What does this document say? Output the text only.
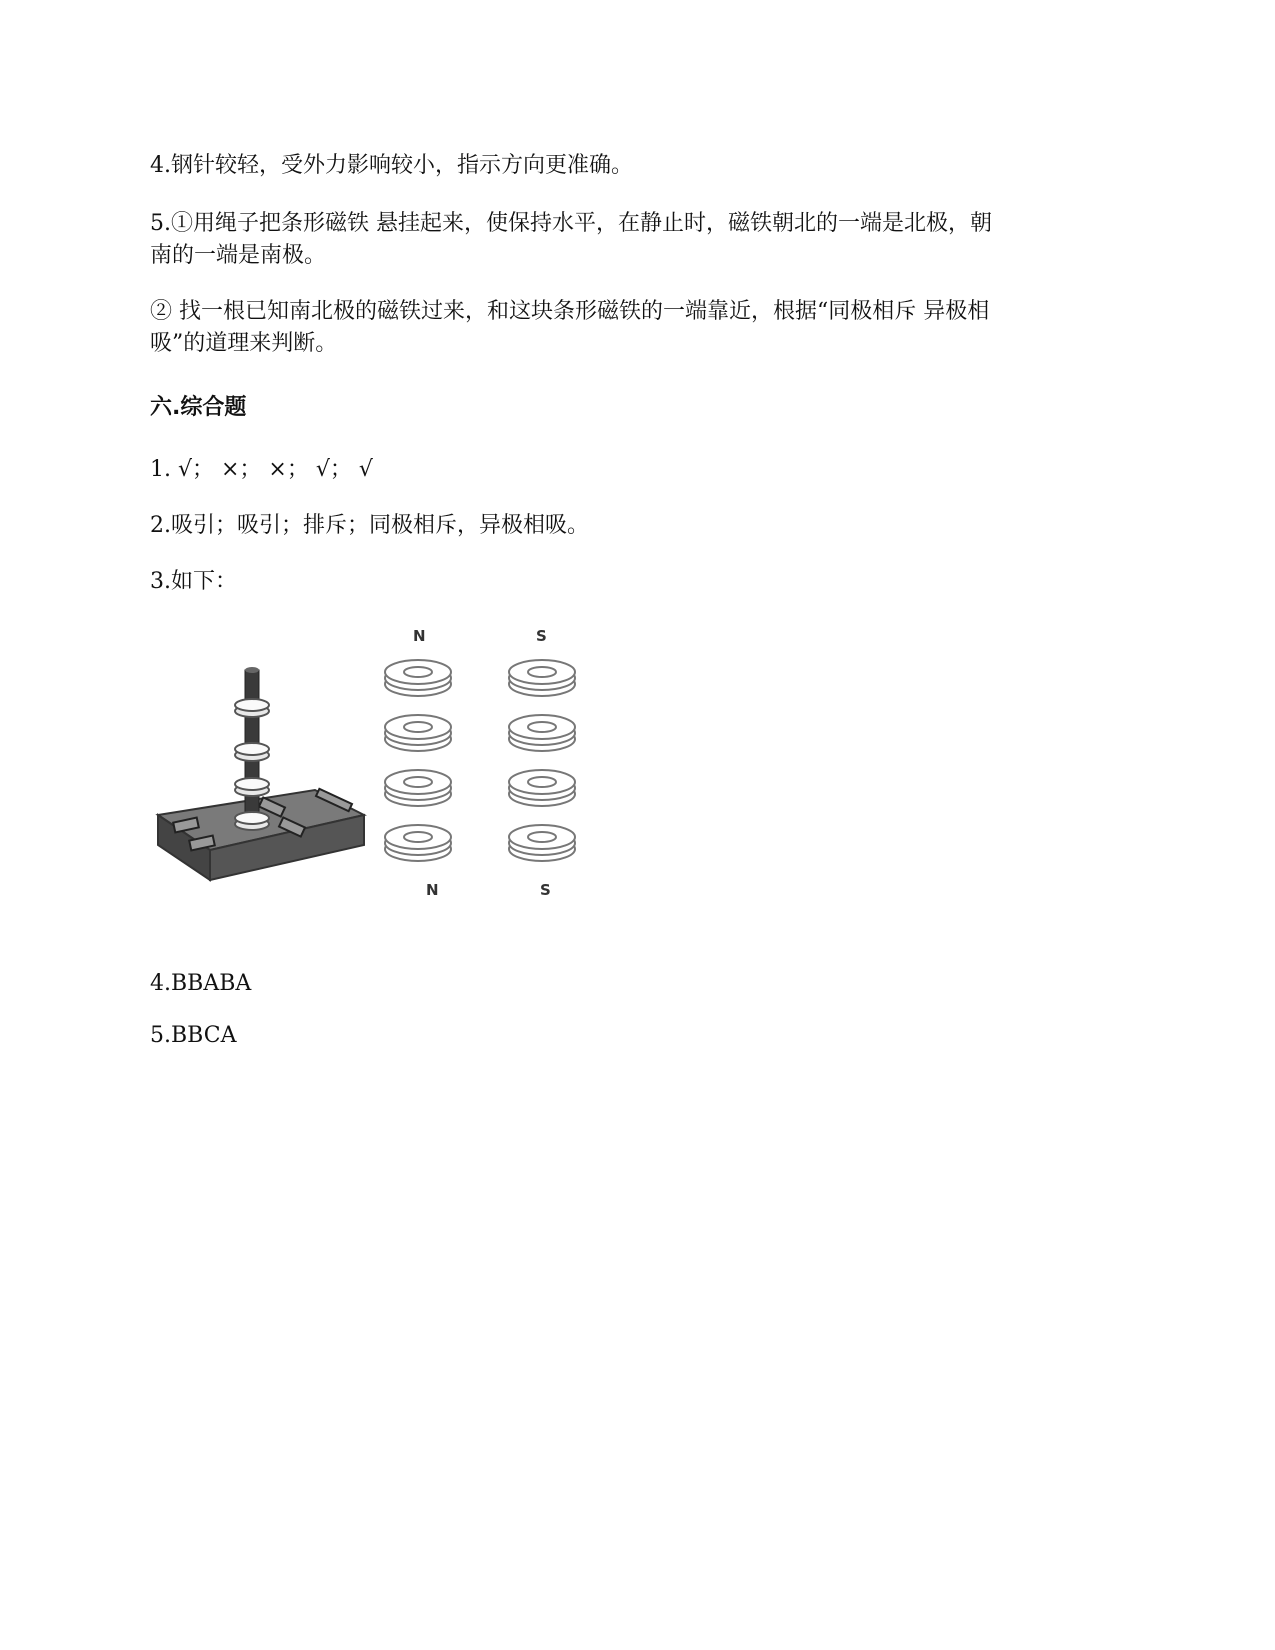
4.钢针较轻，受外力影响较小，指示方向更准确。
5.①用绳子把条形磁铁 悬挂起来，使保持水平，在静止时，磁铁朝北的一端是北极，朝
南的一端是南极。
② 找一根已知南北极的磁铁过来，和这块条形磁铁的一端靠近，根据“同极相斥 异极相
吸”的道理来判断。
六.综合题
1. √； ×； ×； √； √
2.吸引；吸引；排斥；同极相斥，异极相吸。
3.如下：
N	S
N	S
4.BBABA
5.BBCA
